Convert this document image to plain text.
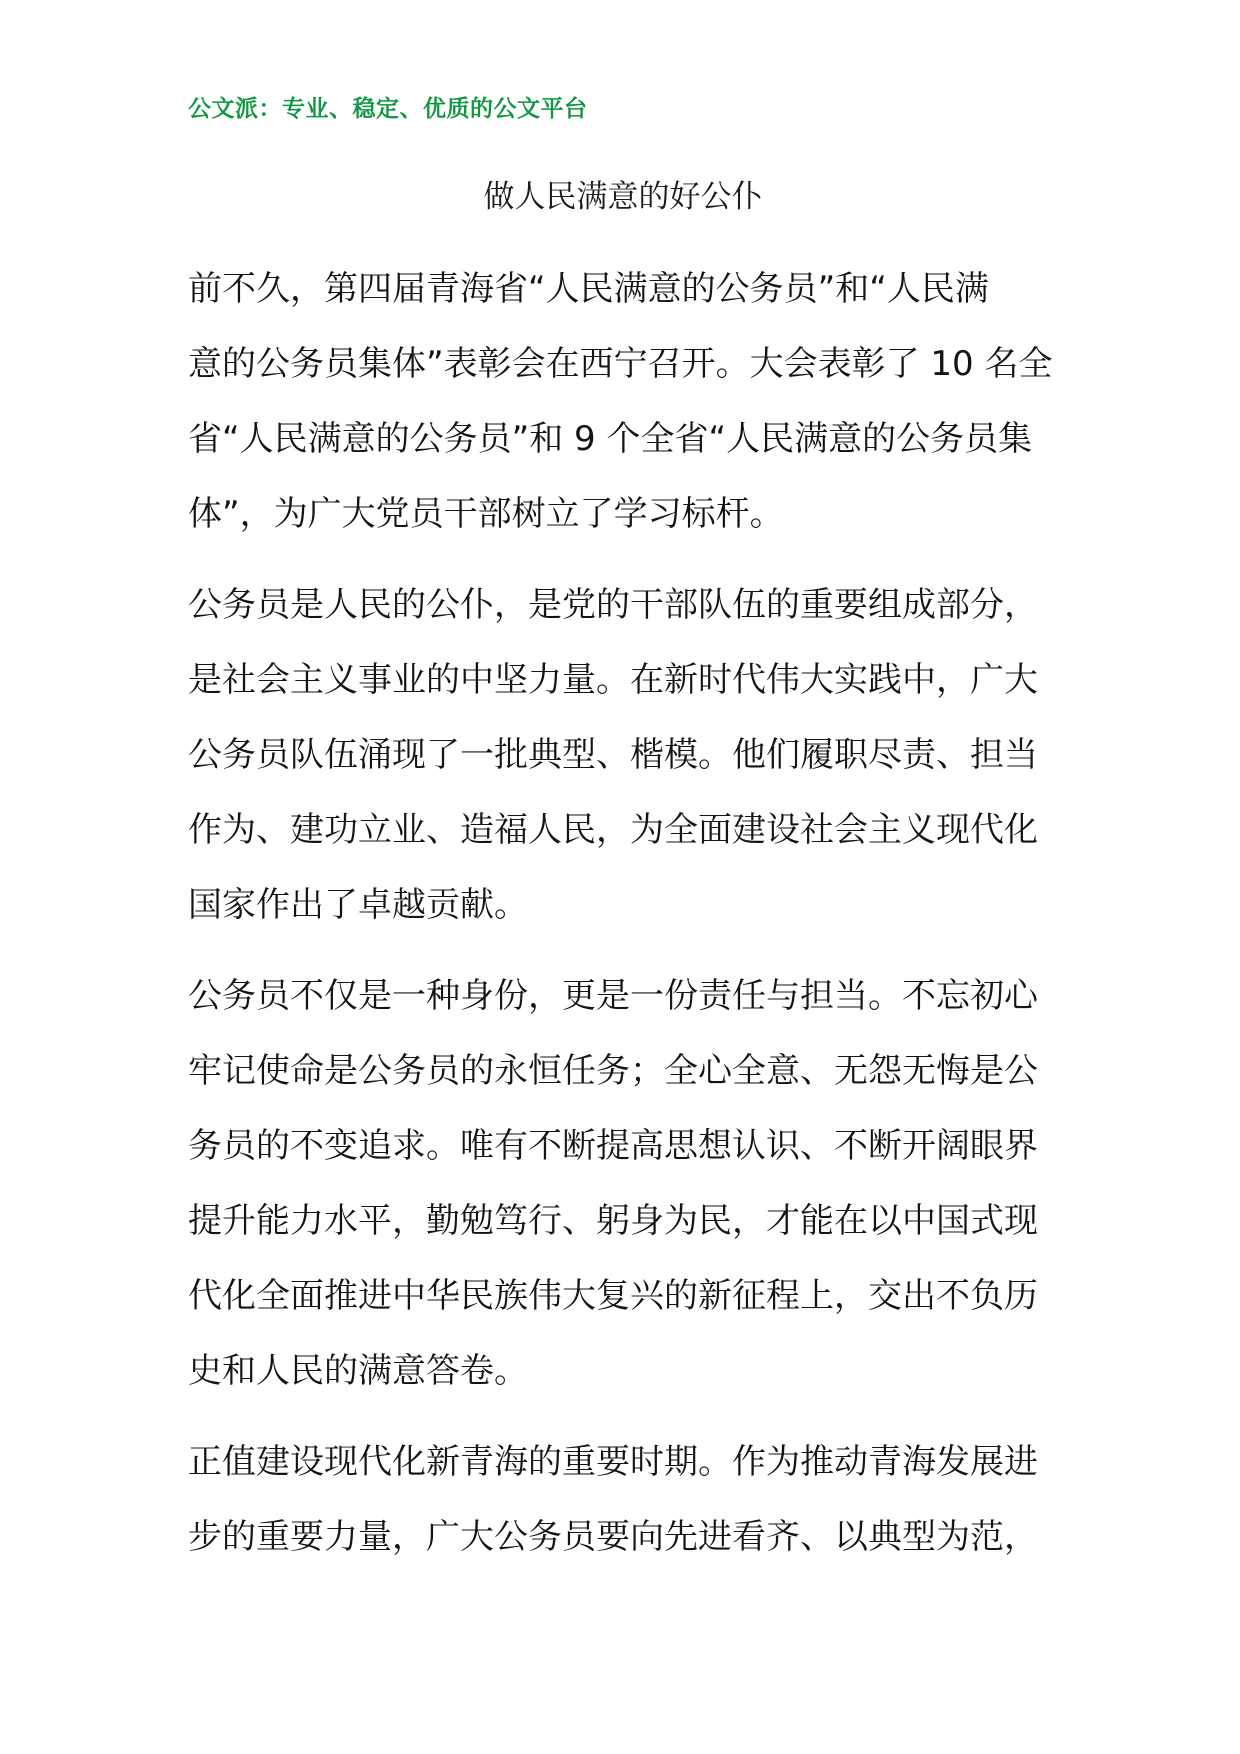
公文派：专业、稳定、优质的公文平台
做人民满意的好公仆
前不久，第四届青海省“人民满意的公务员”和“人民满
意的公务员集体”表彰会在西宁召开。大会表彰了 10 名全
省“人民满意的公务员”和 9 个全省“人民满意的公务员集
体”，为广大党员干部树立了学习标杆。
公务员是人民的公仆，是党的干部队伍的重要组成部分，
是社会主义事业的中坚力量。在新时代伟大实践中，广大
公务员队伍涌现了一批典型、楷模。他们履职尽责、担当
作为、建功立业、造福人民，为全面建设社会主义现代化
国家作出了卓越贡献。
公务员不仅是一种身份，更是一份责任与担当。不忘初心
牢记使命是公务员的永恒任务；全心全意、无怨无悔是公
务员的不变追求。唯有不断提高思想认识、不断开阔眼界
提升能力水平，勤勉笃行、躬身为民，才能在以中国式现
代化全面推进中华民族伟大复兴的新征程上，交出不负历
史和人民的满意答卷。
正值建设现代化新青海的重要时期。作为推动青海发展进
步的重要力量，广大公务员要向先进看齐、以典型为范，
